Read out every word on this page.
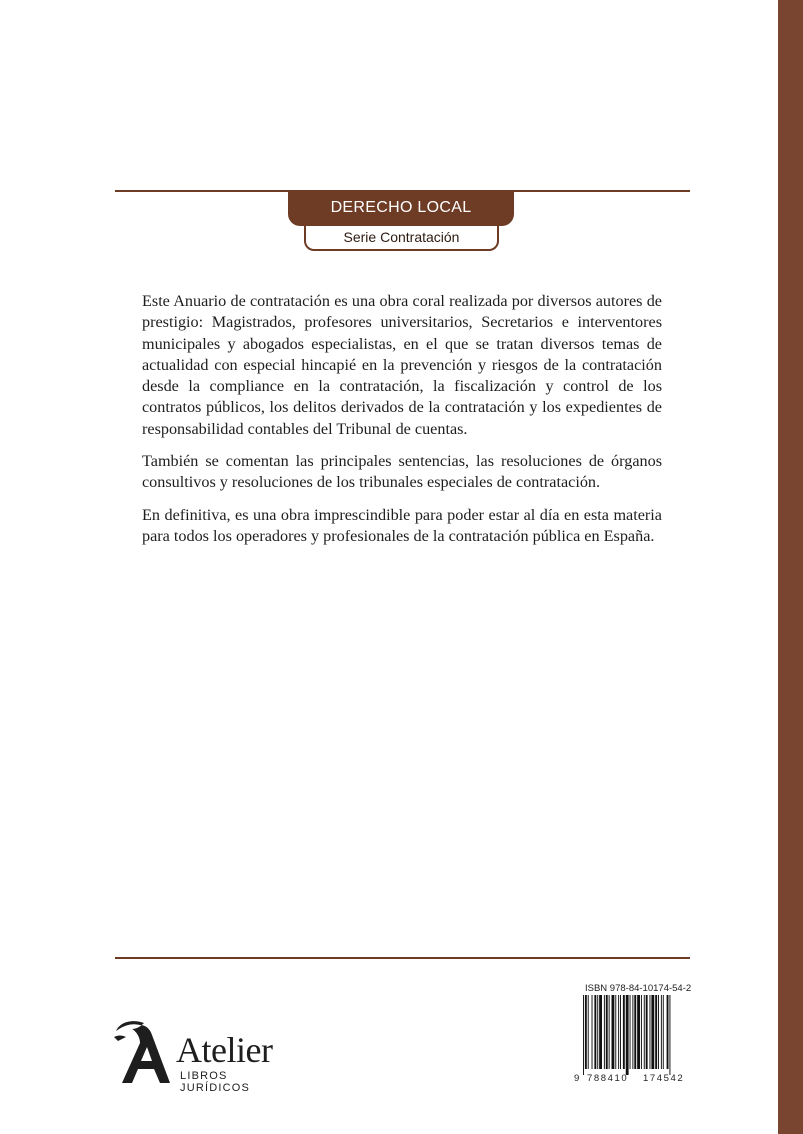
DERECHO LOCAL
Serie Contratación

Este Anuario de contratación es una obra coral realizada por diversos autores de prestigio: Magistrados, profesores universitarios, Secretarios e interventores municipales y abogados especialistas, en el que se tratan diversos temas de actualidad con especial hincapié en la prevención y riesgos de la contratación desde la compliance en la contratación, la fiscalización y control de los contratos públicos, los delitos derivados de la contratación y los expedientes de responsabilidad contables del Tribunal de cuentas.

También se comentan las principales sentencias, las resoluciones de órganos consultivos y resoluciones de los tribunales especiales de contratación.

En definitiva, es una obra imprescindible para poder estar al día en esta materia para todos los operadores y profesionales de la contratación pública en España.

Atelier
LIBROS JURÍDICOS
ISBN 978-84-10174-54-2
9 788410 174542
